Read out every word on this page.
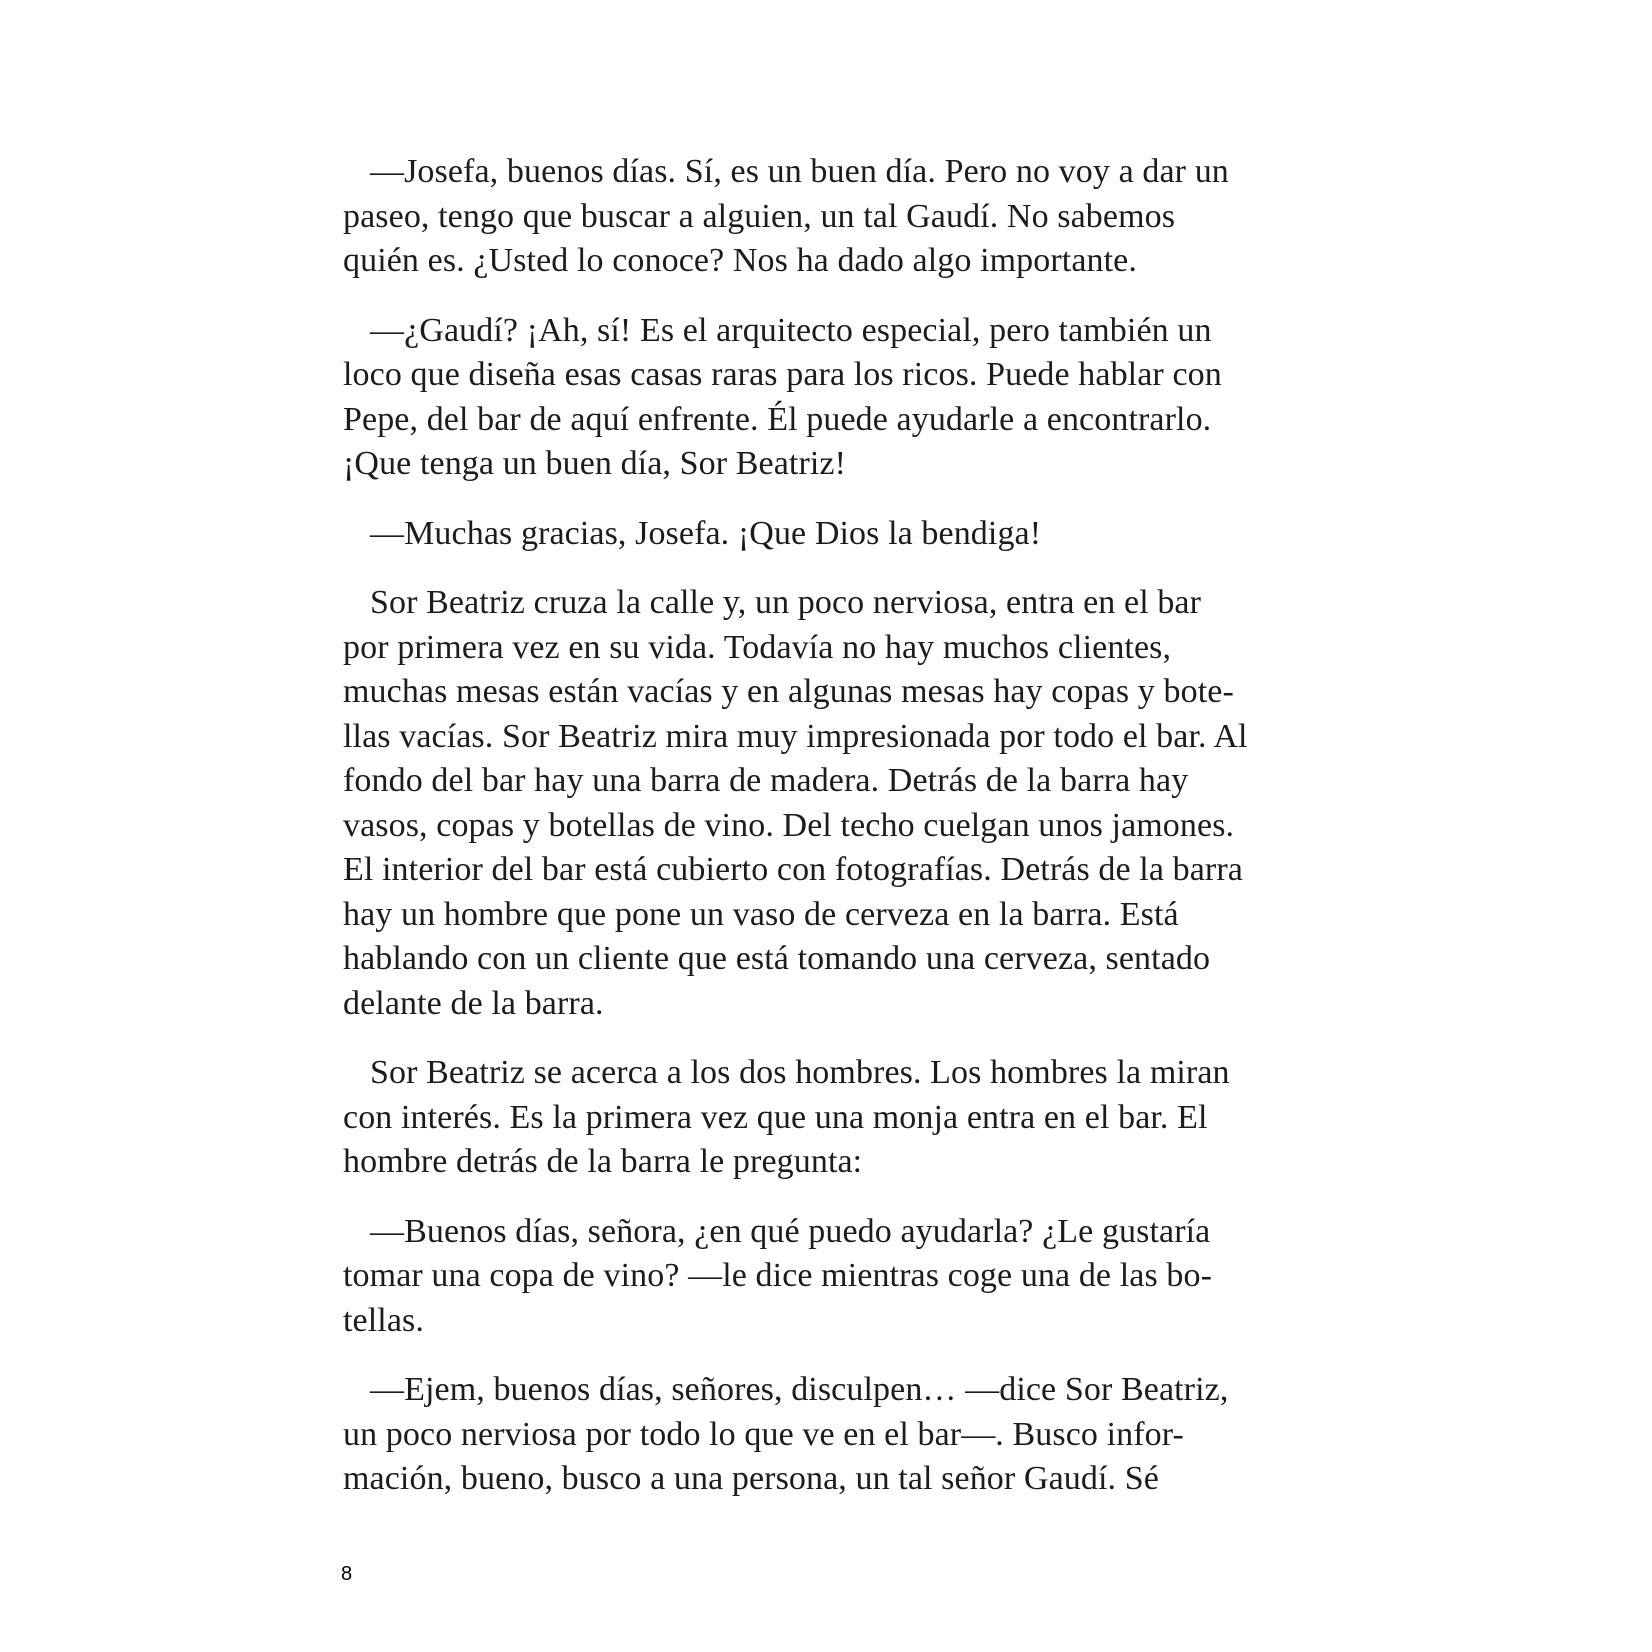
—Josefa, buenos días. Sí, es un buen día. Pero no voy a dar un
paseo, tengo que buscar a alguien, un tal Gaudí. No sabemos
quién es. ¿Usted lo conoce? Nos ha dado algo importante.
—¿Gaudí? ¡Ah, sí! Es el arquitecto especial, pero también un
loco que diseña esas casas raras para los ricos. Puede hablar con
Pepe, del bar de aquí enfrente. Él puede ayudarle a encontrarlo.
¡Que tenga un buen día, Sor Beatriz!
—Muchas gracias, Josefa. ¡Que Dios la bendiga!
Sor Beatriz cruza la calle y, un poco nerviosa, entra en el bar
por primera vez en su vida. Todavía no hay muchos clientes,
muchas mesas están vacías y en algunas mesas hay copas y bote-
llas vacías. Sor Beatriz mira muy impresionada por todo el bar. Al
fondo del bar hay una barra de madera. Detrás de la barra hay
vasos, copas y botellas de vino. Del techo cuelgan unos jamones.
El interior del bar está cubierto con fotografías. Detrás de la barra
hay un hombre que pone un vaso de cerveza en la barra. Está
hablando con un cliente que está tomando una cerveza, sentado
delante de la barra.
Sor Beatriz se acerca a los dos hombres. Los hombres la miran
con interés. Es la primera vez que una monja entra en el bar. El
hombre detrás de la barra le pregunta:
—Buenos días, señora, ¿en qué puedo ayudarla? ¿Le gustaría
tomar una copa de vino? —le dice mientras coge una de las bo-
tellas.
—Ejem, buenos días, señores, disculpen… —dice Sor Beatriz,
un poco nerviosa por todo lo que ve en el bar—. Busco infor-
mación, bueno, busco a una persona, un tal señor Gaudí. Sé
8
